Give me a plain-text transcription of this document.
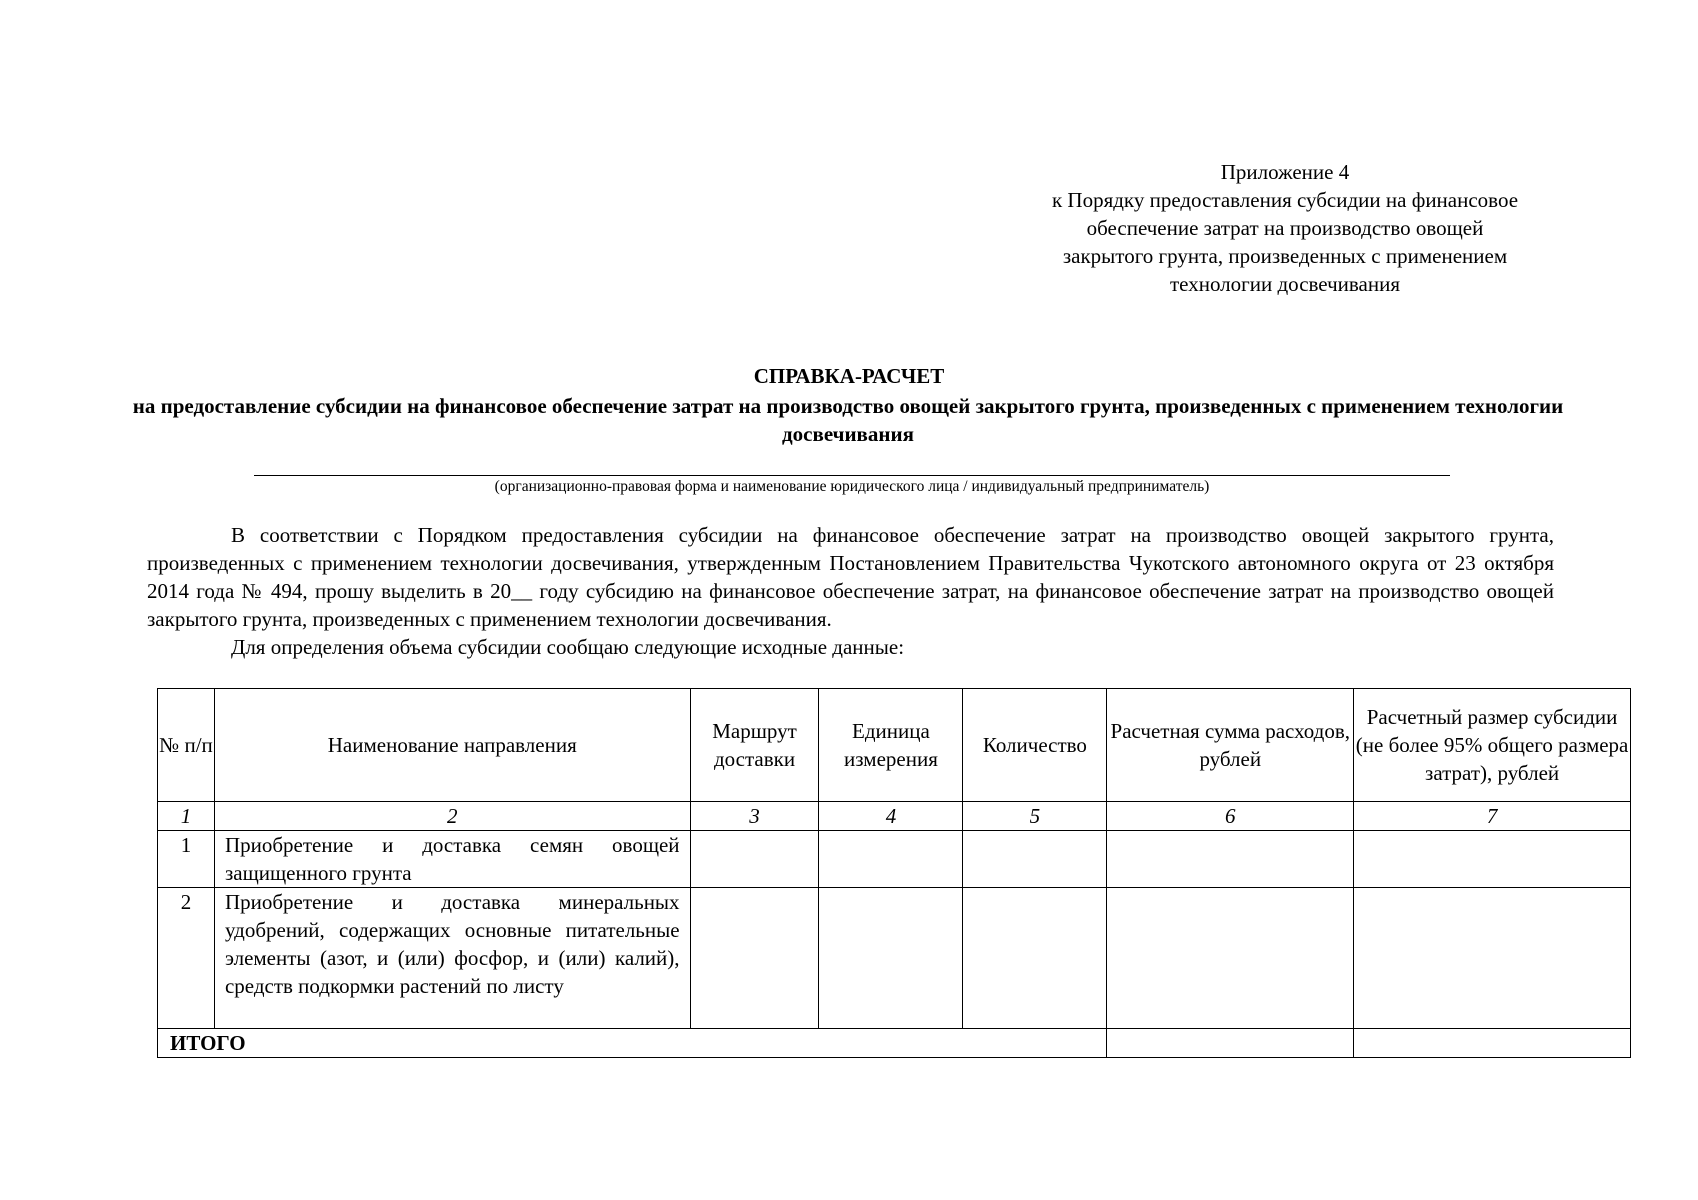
Приложение 4
к Порядку предоставления субсидии на финансовое
обеспечение затрат на производство овощей
закрытого грунта, произведенных с применением
технологии досвечивания
СПРАВКА-РАСЧЕТ
на предоставление субсидии на финансовое обеспечение затрат на производство овощей закрытого грунта, произведенных с применением технологии досвечивания
(организационно-правовая форма и наименование юридического лица / индивидуальный предприниматель)

В соответствии с Порядком предоставления субсидии на финансовое обеспечение затрат на производство овощей закрытого грунта, произведенных с применением технологии досвечивания, утвержденным Постановлением Правительства Чукотского автономного округа от 23 октября 2014 года № 494, прошу выделить в 20__ году субсидию на финансовое обеспечение затрат, на финансовое обеспечение затрат на производство овощей закрытого грунта, произведенных с применением технологии досвечивания.

Для определения объема субсидии сообщаю следующие исходные данные:

№ п/п	Наименование направления	Маршрут доставки	Единица измерения	Количество	Расчетная сумма расходов, рублей	Расчетный размер субсидии (не более 95% общего размера затрат), рублей
1	2	3	4	5	6	7
1	Приобретение и доставка семян овощей защищенного грунта					
2	Приобретение и доставка минеральных удобрений, содержащих основные питательные элементы (азот, и (или) фосфор, и (или) калий), средств подкормки растений по листу					
ИТОГО						
